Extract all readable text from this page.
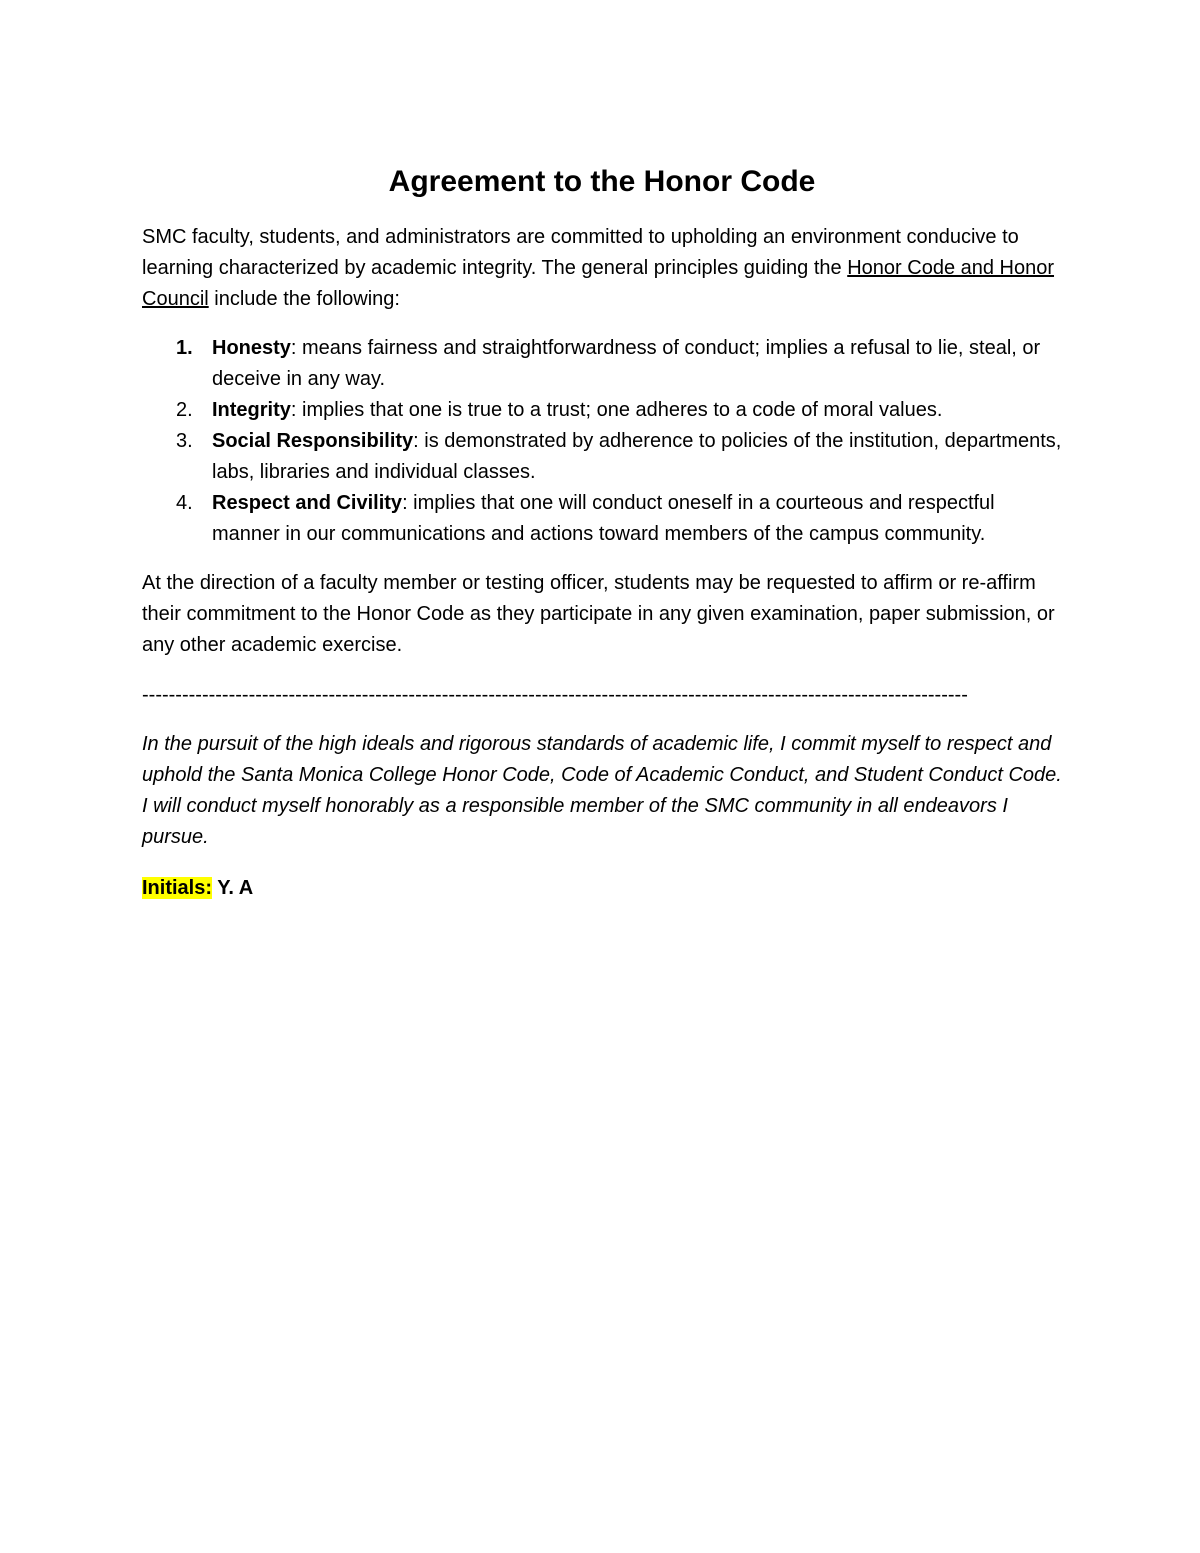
Agreement to the Honor Code

SMC faculty, students, and administrators are committed to upholding an environment conducive to learning characterized by academic integrity. The general principles guiding the Honor Code and Honor Council include the following:

1. Honesty: means fairness and straightforwardness of conduct; implies a refusal to lie, steal, or deceive in any way.
2. Integrity: implies that one is true to a trust; one adheres to a code of moral values.
3. Social Responsibility: is demonstrated by adherence to policies of the institution, departments, labs, libraries and individual classes.
4. Respect and Civility: implies that one will conduct oneself in a courteous and respectful manner in our communications and actions toward members of the campus community.

At the direction of a faculty member or testing officer, students may be requested to affirm or re-affirm their commitment to the Honor Code as they participate in any given examination, paper submission, or any other academic exercise.

----------------------------------------------------------------------------------------------------------------------------

In the pursuit of the high ideals and rigorous standards of academic life, I commit myself to respect and uphold the Santa Monica College Honor Code, Code of Academic Conduct, and Student Conduct Code. I will conduct myself honorably as a responsible member of the SMC community in all endeavors I pursue.

Initials: Y. A
